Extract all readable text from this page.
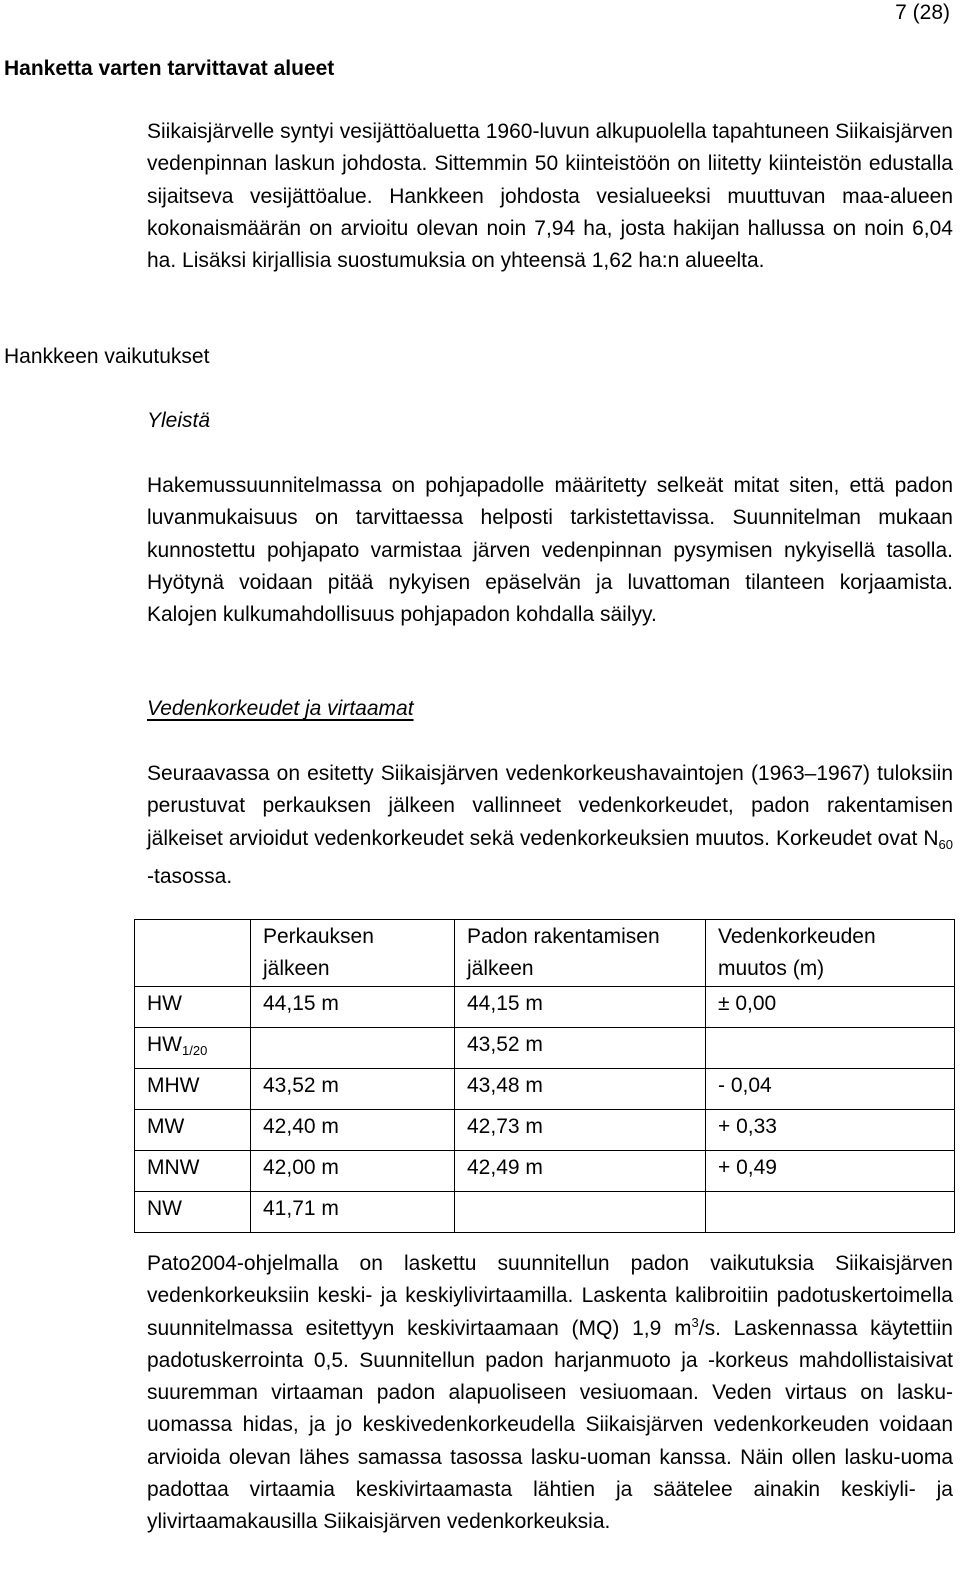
7 (28)
Hanketta varten tarvittavat alueet

Siikaisjärvelle syntyi vesijättöaluetta 1960-luvun alkupuolella tapahtuneen Siikaisjärven vedenpinnan laskun johdosta. Sittemmin 50 kiinteistöön on liitetty kiinteistön edustalla sijaitseva vesijättöalue. Hankkeen johdosta vesialueeksi muuttuvan maa-alueen kokonaismäärän on arvioitu olevan noin 7,94 ha, josta hakijan hallussa on noin 6,04 ha. Lisäksi kirjallisia suostumuksia on yhteensä 1,62 ha:n alueelta.

Hankkeen vaikutukset
Yleistä

Hakemussuunnitelmassa on pohjapadolle määritetty selkeät mitat siten, että padon luvanmukaisuus on tarvittaessa helposti tarkistettavissa. Suunnitelman mukaan kunnostettu pohjapato varmistaa järven vedenpinnan pysymisen nykyisellä tasolla. Hyötynä voidaan pitää nykyisen epäselvän ja luvattoman tilanteen korjaamista. Kalojen kulkumahdollisuus pohjapadon kohdalla säilyy.

Vedenkorkeudet ja virtaamat

Seuraavassa on esitetty Siikaisjärven vedenkorkeushavaintojen (1963–1967) tuloksiin perustuvat perkauksen jälkeen vallinneet vedenkorkeudet, padon rakentamisen jälkeiset arvioidut vedenkorkeudet sekä vedenkorkeuksien muutos. Korkeudet ovat N60 -tasossa.

	Perkauksen jälkeen	Padon rakentamisen jälkeen	Vedenkorkeuden muutos (m)
HW	44,15 m	44,15 m	± 0,00
HW1/20		43,52 m	
MHW	43,52 m	43,48 m	- 0,04
MW	42,40 m	42,73 m	+ 0,33
MNW	42,00 m	42,49 m	+ 0,49
NW	41,71 m		

Pato2004-ohjelmalla on laskettu suunnitellun padon vaikutuksia Siikaisjärven vedenkorkeuksiin keski- ja keskiylivirtaamilla. Laskenta kalibroitiin padotuskertoimella suunnitelmassa esitettyyn keskivirtaamaan (MQ) 1,9 $m^3/s$. Laskennassa käytettiin padotuskerrointa 0,5. Suunnitellun padon harjanmuoto ja -korkeus mahdollistaisivat suuremman virtaaman padon alapuoliseen vesiuomaan. Veden virtaus on lasku-uomassa hidas, ja jo keskivedenkorkeudella Siikaisjärven vedenkorkeuden voidaan arvioida olevan lähes samassa tasossa lasku-uoman kanssa. Näin ollen lasku-uoma padottaa virtaamia keskivirtaamasta lähtien ja säätelee ainakin keskiyli- ja ylivirtaamakausilla Siikaisjärven vedenkorkeuksia.
